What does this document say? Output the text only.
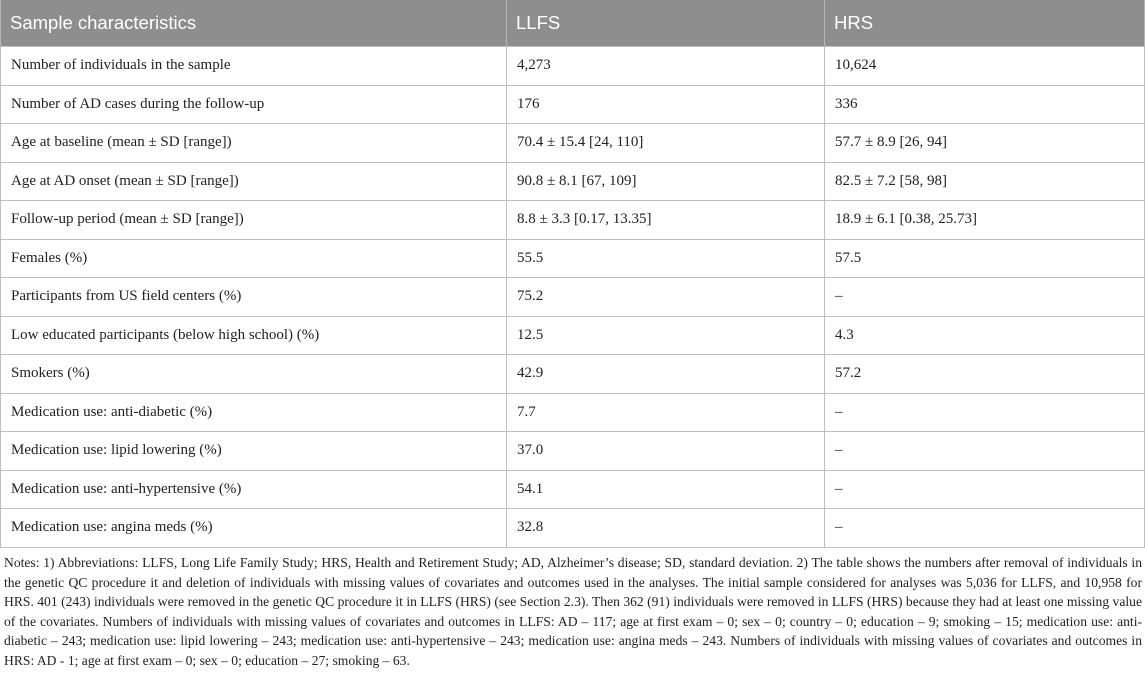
Sample characteristics	LLFS	HRS
Number of individuals in the sample	4,273	10,624
Number of AD cases during the follow-up	176	336
Age at baseline (mean ± SD [range])	70.4 ± 15.4 [24, 110]	57.7 ± 8.9 [26, 94]
Age at AD onset (mean ± SD [range])	90.8 ± 8.1 [67, 109]	82.5 ± 7.2 [58, 98]
Follow-up period (mean ± SD [range])	8.8 ± 3.3 [0.17, 13.35]	18.9 ± 6.1 [0.38, 25.73]
Females (%)	55.5	57.5
Participants from US field centers (%)	75.2	–
Low educated participants (below high school) (%)	12.5	4.3
Smokers (%)	42.9	57.2
Medication use: anti-diabetic (%)	7.7	–
Medication use: lipid lowering (%)	37.0	–
Medication use: anti-hypertensive (%)	54.1	–
Medication use: angina meds (%)	32.8	–

Notes: 1) Abbreviations: LLFS, Long Life Family Study; HRS, Health and Retirement Study; AD, Alzheimer’s disease; SD, standard deviation. 2) The table shows the numbers after removal of individuals in the genetic QC procedure it and deletion of individuals with missing values of covariates and outcomes used in the analyses. The initial sample considered for analyses was 5,036 for LLFS, and 10,958 for HRS. 401 (243) individuals were removed in the genetic QC procedure it in LLFS (HRS) (see Section 2.3). Then 362 (91) individuals were removed in LLFS (HRS) because they had at least one missing value of the covariates. Numbers of individuals with missing values of covariates and outcomes in LLFS: AD – 117; age at first exam – 0; sex – 0; country – 0; education – 9; smoking – 15; medication use: anti-diabetic – 243; medication use: lipid lowering – 243; medication use: anti-hypertensive – 243; medication use: angina meds – 243. Numbers of individuals with missing values of covariates and outcomes in HRS: AD - 1; age at first exam – 0; sex – 0; education – 27; smoking – 63.
